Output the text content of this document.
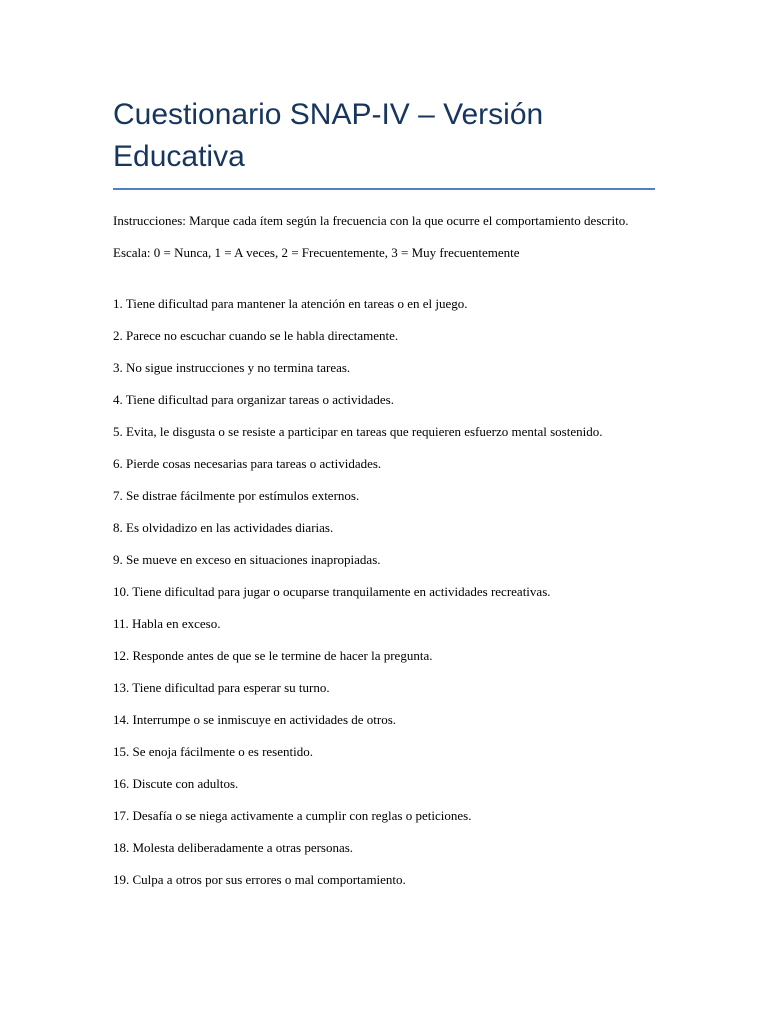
Cuestionario SNAP-IV – Versión Educativa

Instrucciones: Marque cada ítem según la frecuencia con la que ocurre el comportamiento descrito.

Escala: 0 = Nunca, 1 = A veces, 2 = Frecuentemente, 3 = Muy frecuentemente

1. Tiene dificultad para mantener la atención en tareas o en el juego.
2. Parece no escuchar cuando se le habla directamente.
3. No sigue instrucciones y no termina tareas.
4. Tiene dificultad para organizar tareas o actividades.
5. Evita, le disgusta o se resiste a participar en tareas que requieren esfuerzo mental sostenido.
6. Pierde cosas necesarias para tareas o actividades.
7. Se distrae fácilmente por estímulos externos.
8. Es olvidadizo en las actividades diarias.
9. Se mueve en exceso en situaciones inapropiadas.
10. Tiene dificultad para jugar o ocuparse tranquilamente en actividades recreativas.
11. Habla en exceso.
12. Responde antes de que se le termine de hacer la pregunta.
13. Tiene dificultad para esperar su turno.
14. Interrumpe o se inmiscuye en actividades de otros.
15. Se enoja fácilmente o es resentido.
16. Discute con adultos.
17. Desafía o se niega activamente a cumplir con reglas o peticiones.
18. Molesta deliberadamente a otras personas.
19. Culpa a otros por sus errores o mal comportamiento.
